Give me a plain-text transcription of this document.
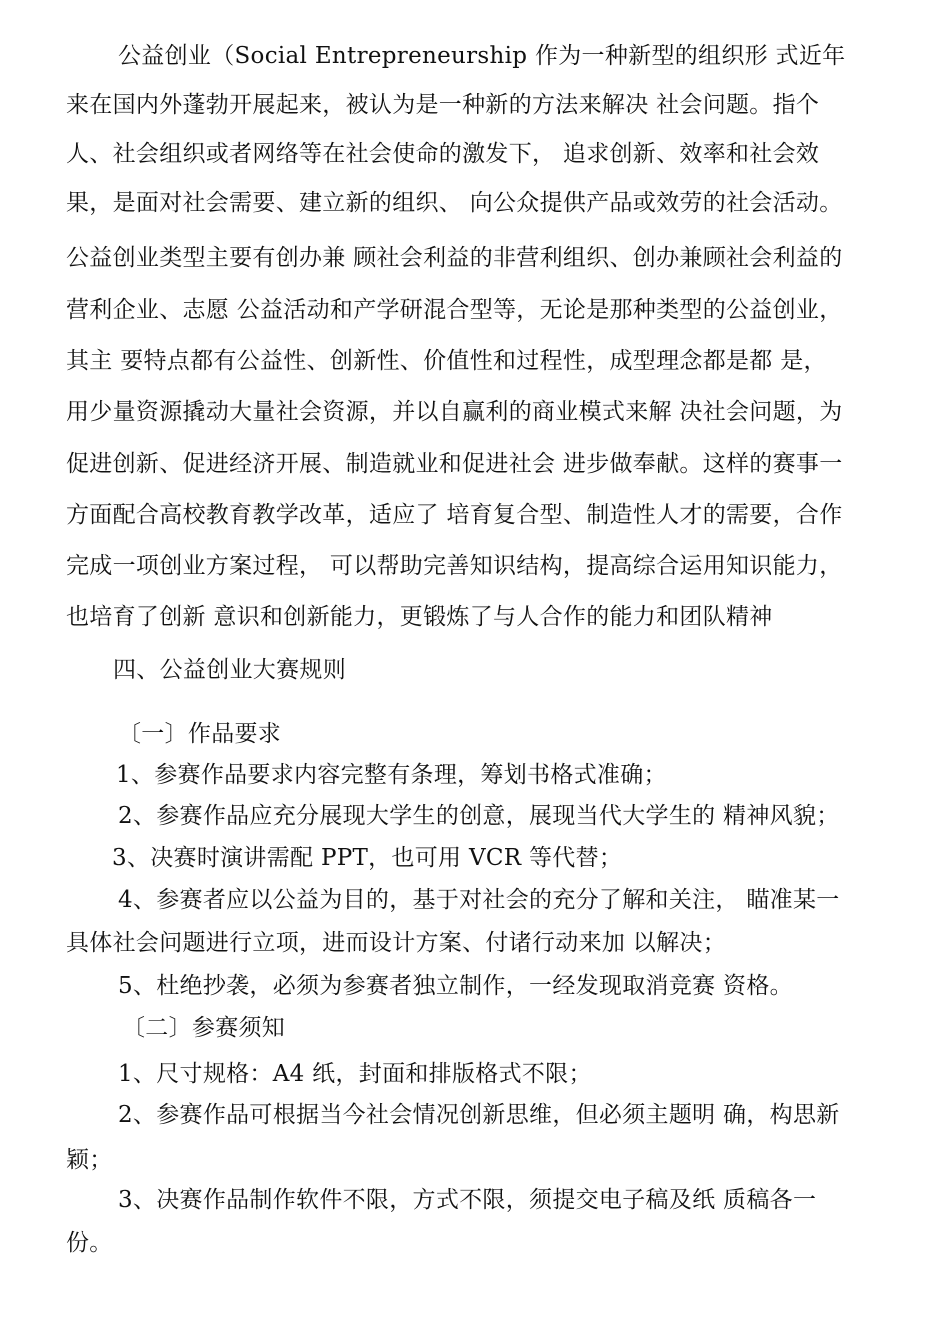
公益创业（Social Entrepreneurship 作为一种新型的组织形 式近年
来在国内外蓬勃开展起来，被认为是一种新的方法来解决 社会问题。指个
人、社会组织或者网络等在社会使命的激发下， 追求创新、效率和社会效
果，是面对社会需要、建立新的组织、 向公众提供产品或效劳的社会活动。
公益创业类型主要有创办兼 顾社会利益的非营利组织、创办兼顾社会利益的
营利企业、志愿 公益活动和产学研混合型等，无论是那种类型的公益创业，
其主 要特点都有公益性、创新性、价值性和过程性，成型理念都是都 是，
用少量资源撬动大量社会资源，并以自赢利的商业模式来解 决社会问题，为
促进创新、促进经济开展、制造就业和促进社会 进步做奉献。这样的赛事一
方面配合高校教育教学改革，适应了 培育复合型、制造性人才的需要，合作
完成一项创业方案过程， 可以帮助完善知识结构，提高综合运用知识能力，
也培育了创新 意识和创新能力，更锻炼了与人合作的能力和团队精神
四、公益创业大赛规则
〔一〕作品要求
1、参赛作品要求内容完整有条理，筹划书格式准确；
2、参赛作品应充分展现大学生的创意，展现当代大学生的 精神风貌；
3、决赛时演讲需配 PPT，也可用 VCR 等代替；
4、参赛者应以公益为目的，基于对社会的充分了解和关注， 瞄准某一
具体社会问题进行立项，进而设计方案、付诸行动来加 以解决；
5、杜绝抄袭，必须为参赛者独立制作，一经发现取消竞赛 资格。
〔二〕参赛须知
1、尺寸规格：A4 纸，封面和排版格式不限；
2、参赛作品可根据当今社会情况创新思维，但必须主题明 确，构思新
颖；
3、决赛作品制作软件不限，方式不限，须提交电子稿及纸 质稿各一
份。
